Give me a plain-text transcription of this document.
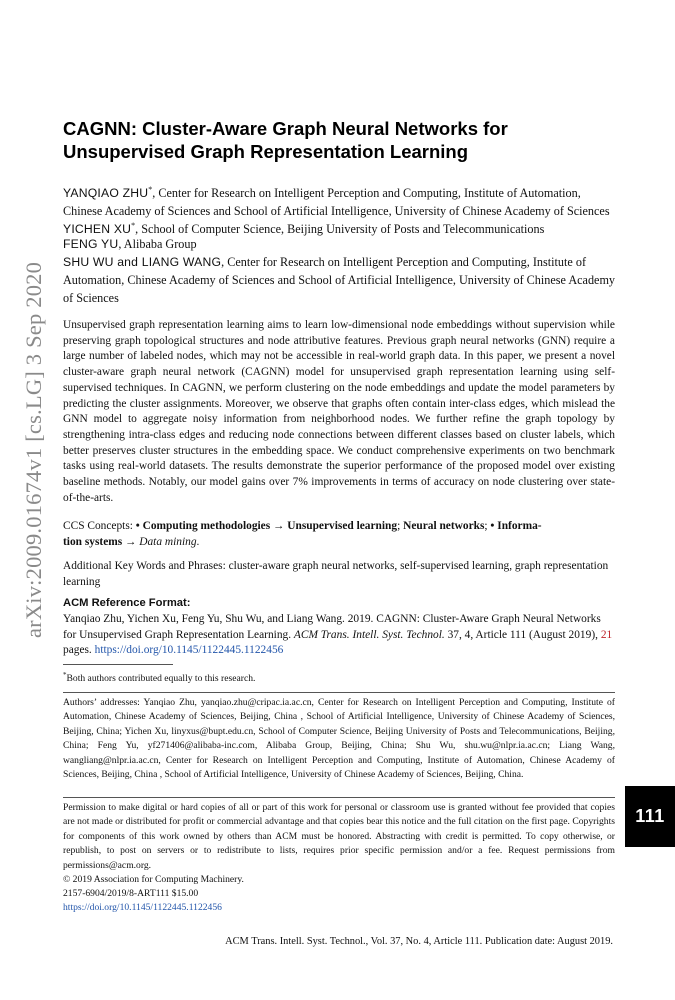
arXiv:2009.01674v1 [cs.LG] 3 Sep 2020
CAGNN: Cluster-Aware Graph Neural Networks for
Unsupervised Graph Representation Learning
YANQIAO ZHU*, Center for Research on Intelligent Perception and Computing, Institute of Automation, Chinese Academy of Sciences and School of Artificial Intelligence, University of Chinese Academy of Sciences
YICHEN XU*, School of Computer Science, Beijing University of Posts and Telecommunications
FENG YU, Alibaba Group
SHU WU and LIANG WANG, Center for Research on Intelligent Perception and Computing, Institute of Automation, Chinese Academy of Sciences and School of Artificial Intelligence, University of Chinese Academy of Sciences

Unsupervised graph representation learning aims to learn low-dimensional node embeddings without supervision while preserving graph topological structures and node attributive features. Previous graph neural networks (GNN) require a large number of labeled nodes, which may not be accessible in real-world graph data. In this paper, we present a novel cluster-aware graph neural network (CAGNN) model for unsupervised graph representation learning using self-supervised techniques. In CAGNN, we perform clustering on the node embeddings and update the model parameters by predicting the cluster assignments. Moreover, we observe that graphs often contain inter-class edges, which mislead the GNN model to aggregate noisy information from neighborhood nodes. We further refine the graph topology by strengthening intra-class edges and reducing node connections between different classes based on cluster labels, which better preserves cluster structures in the embedding space. We conduct comprehensive experiments on two benchmark tasks using real-world datasets. The results demonstrate the superior performance of the proposed model over existing baseline methods. Notably, our model gains over 7% improvements in terms of accuracy on node clustering over state-of-the-arts.

CCS Concepts: • Computing methodologies → Unsupervised learning; Neural networks; • Informa-
tion systems → Data mining.
Additional Key Words and Phrases: cluster-aware graph neural networks, self-supervised learning, graph representation learning
ACM Reference Format:
Yanqiao Zhu, Yichen Xu, Feng Yu, Shu Wu, and Liang Wang. 2019. CAGNN: Cluster-Aware Graph Neural Networks for Unsupervised Graph Representation Learning. ACM Trans. Intell. Syst. Technol. 37, 4, Article 111 (August 2019), 21 pages. https://doi.org/10.1145/1122445.1122456
*Both authors contributed equally to this research.
Authors’ addresses: Yanqiao Zhu, yanqiao.zhu@cripac.ia.ac.cn, Center for Research on Intelligent Perception and Computing, Institute of Automation, Chinese Academy of Sciences, Beijing, China , School of Artificial Intelligence, University of Chinese Academy of Sciences, Beijing, China; Yichen Xu, linyxus@bupt.edu.cn, School of Computer Science, Beijing University of Posts and Telecommunications, Beijing, China; Feng Yu, yf271406@alibaba-inc.com, Alibaba Group, Beijing, China; Shu Wu, shu.wu@nlpr.ia.ac.cn; Liang Wang, wangliang@nlpr.ia.ac.cn, Center for Research on Intelligent Perception and Computing, Institute of Automation, Chinese Academy of Sciences, Beijing, China , School of Artificial Intelligence, University of Chinese Academy of Sciences, Beijing, China.
Permission to make digital or hard copies of all or part of this work for personal or classroom use is granted without fee provided that copies are not made or distributed for profit or commercial advantage and that copies bear this notice and the full citation on the first page. Copyrights for components of this work owned by others than ACM must be honored. Abstracting with credit is permitted. To copy otherwise, or republish, to post on servers or to redistribute to lists, requires prior specific permission and/or a fee. Request permissions from permissions@acm.org.
© 2019 Association for Computing Machinery.
2157-6904/2019/8-ART111 $15.00
https://doi.org/10.1145/1122445.1122456
111
ACM Trans. Intell. Syst. Technol., Vol. 37, No. 4, Article 111. Publication date: August 2019.
